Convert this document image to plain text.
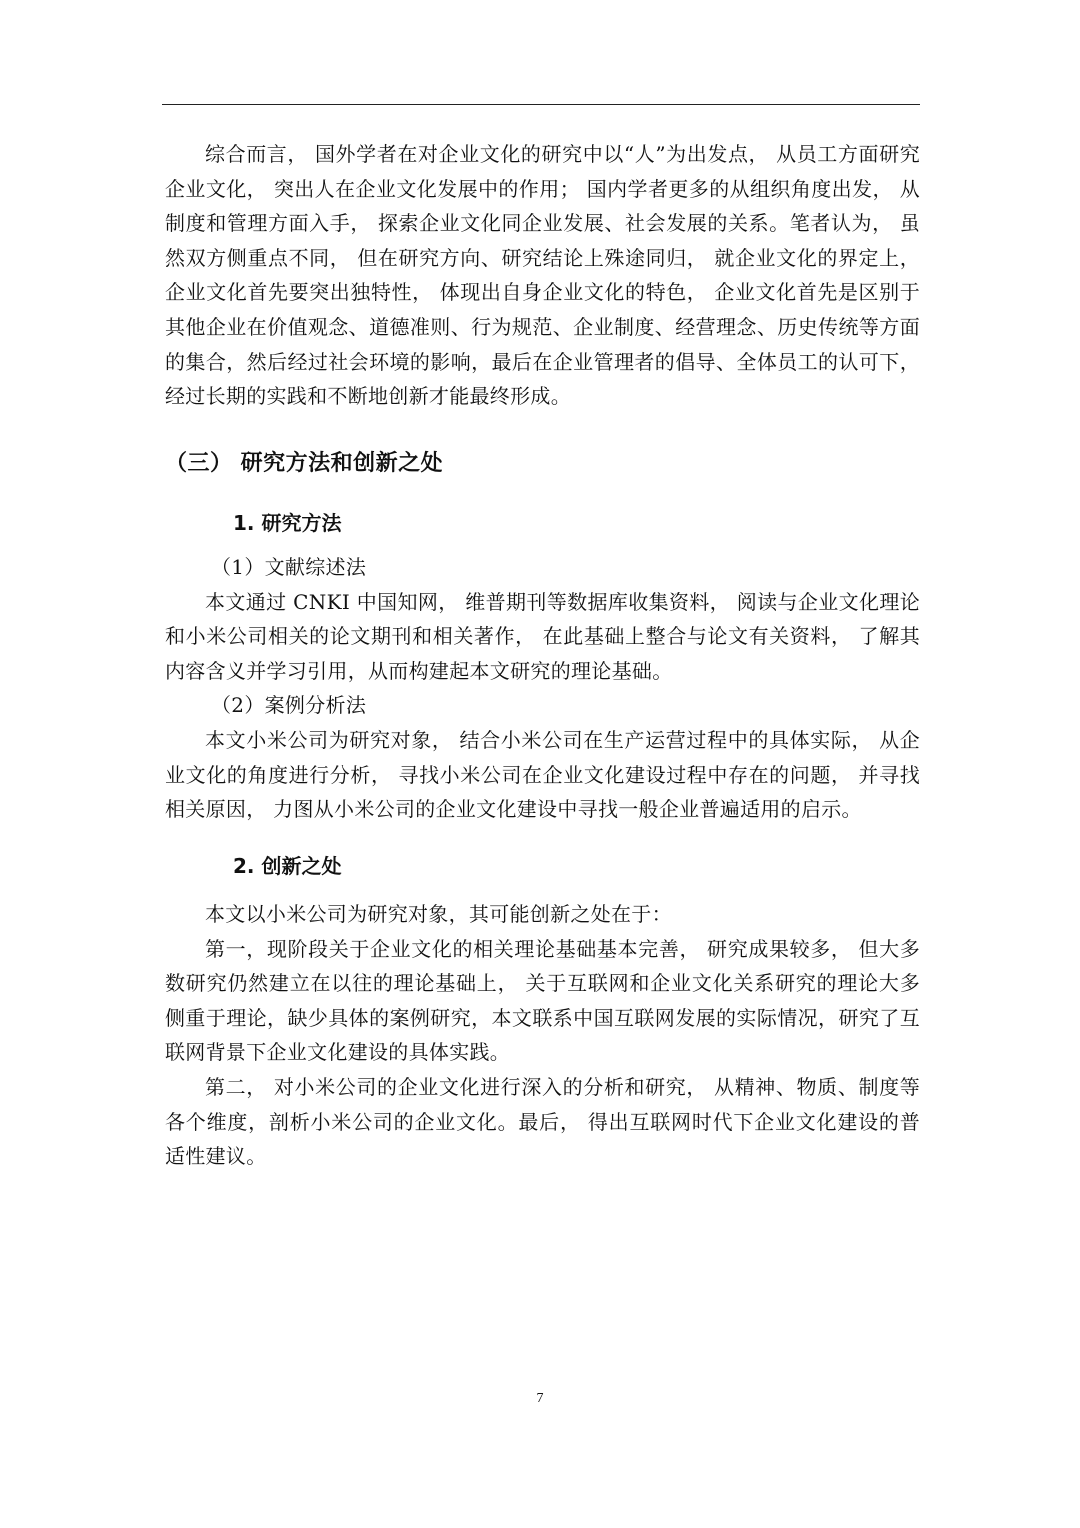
综合而言， 国外学者在对企业文化的研究中以“人”为出发点， 从员工方面研究企业文化， 突出人在企业文化发展中的作用； 国内学者更多的从组织角度出发， 从制度和管理方面入手， 探索企业文化同企业发展、社会发展的关系。笔者认为， 虽然双方侧重点不同， 但在研究方向、研究结论上殊途同归， 就企业文化的界定上， 企业文化首先要突出独特性， 体现出自身企业文化的特色， 企业文化首先是区别于其他企业在价值观念、道德准则、行为规范、企业制度、经营理念、历史传统等方面的集合，然后经过社会环境的影响，最后在企业管理者的倡导、全体员工的认可下，经过长期的实践和不断地创新才能最终形成。

（三） 研究方法和创新之处
1. 研究方法

（1）文献综述法

本文通过 CNKI 中国知网， 维普期刊等数据库收集资料， 阅读与企业文化理论和小米公司相关的论文期刊和相关著作， 在此基础上整合与论文有关资料， 了解其内容含义并学习引用，从而构建起本文研究的理论基础。

（2）案例分析法

本文小米公司为研究对象， 结合小米公司在生产运营过程中的具体实际， 从企业文化的角度进行分析， 寻找小米公司在企业文化建设过程中存在的问题， 并寻找相关原因， 力图从小米公司的企业文化建设中寻找一般企业普遍适用的启示。

2. 创新之处

本文以小米公司为研究对象，其可能创新之处在于：

第一，现阶段关于企业文化的相关理论基础基本完善， 研究成果较多， 但大多数研究仍然建立在以往的理论基础上， 关于互联网和企业文化关系研究的理论大多侧重于理论，缺少具体的案例研究，本文联系中国互联网发展的实际情况，研究了互联网背景下企业文化建设的具体实践。

第二， 对小米公司的企业文化进行深入的分析和研究， 从精神、物质、制度等各个维度，剖析小米公司的企业文化。最后， 得出互联网时代下企业文化建设的普适性建议。

7
